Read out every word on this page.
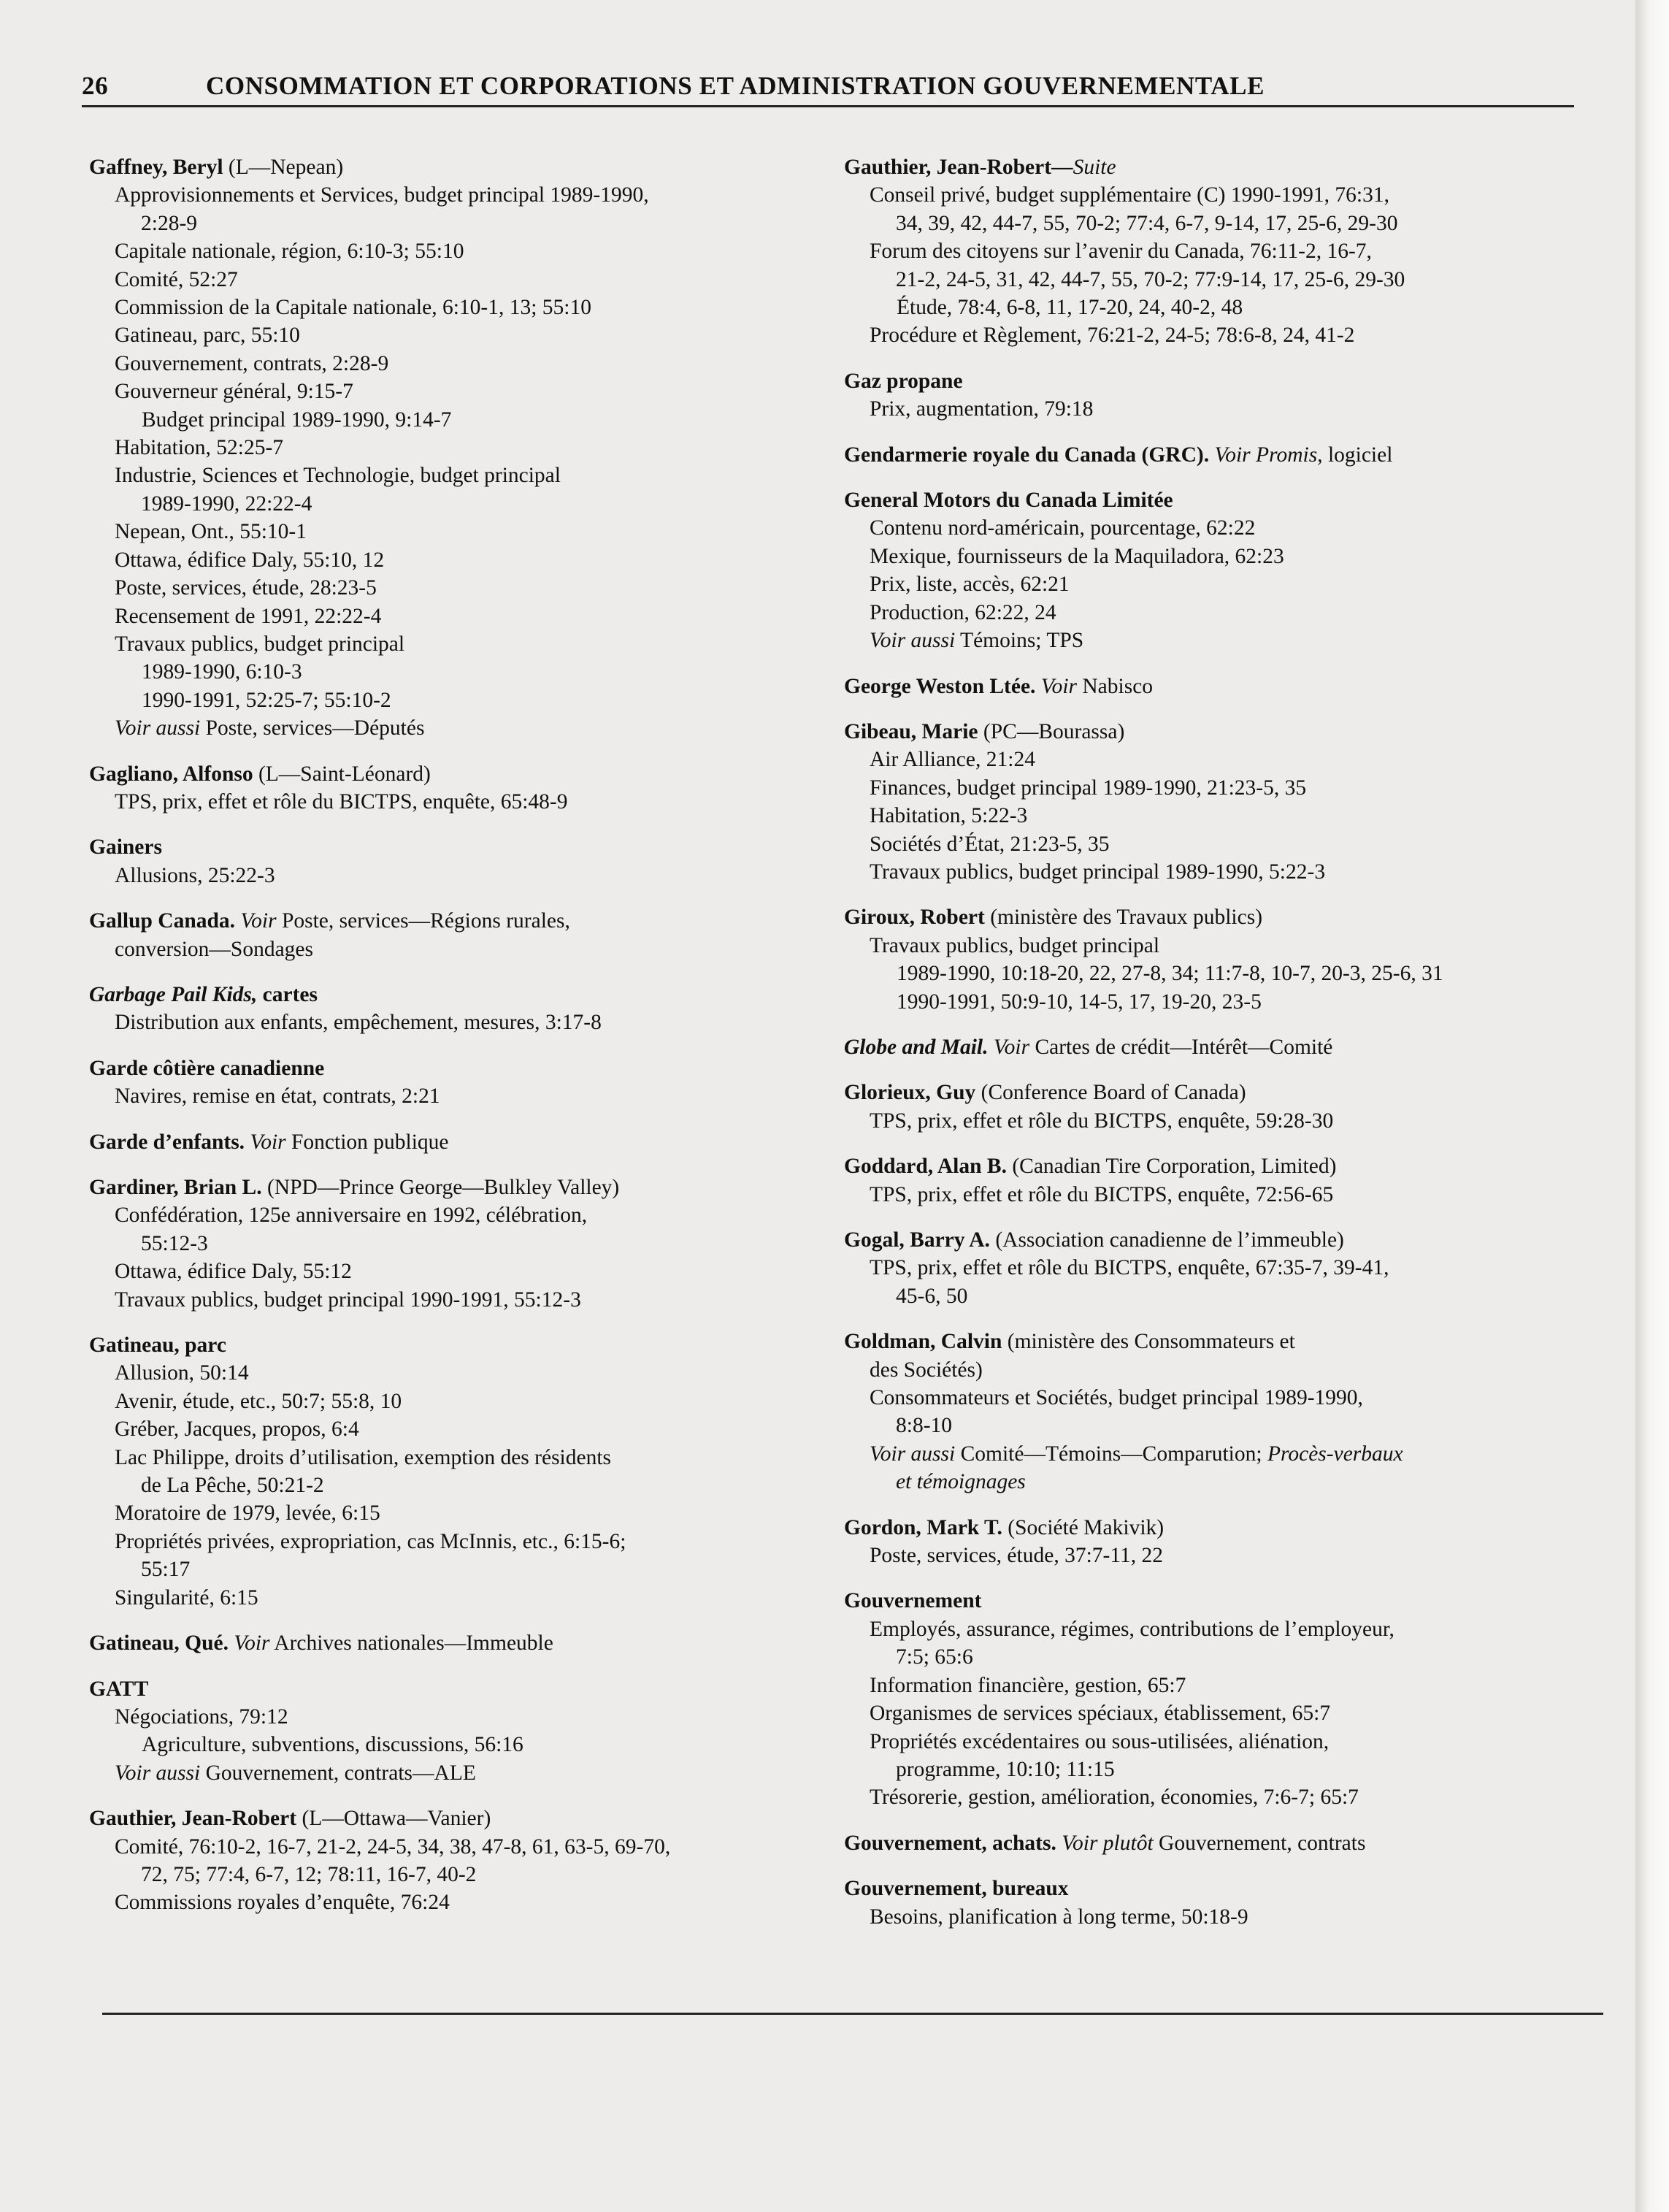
26	CONSOMMATION ET CORPORATIONS ET ADMINISTRATION GOUVERNEMENTALE
Gaffney, Beryl (L—Nepean)
Approvisionnements et Services, budget principal 1989-1990,
2:28-9
Capitale nationale, région, 6:10-3; 55:10
Comité, 52:27
Commission de la Capitale nationale, 6:10-1, 13; 55:10
Gatineau, parc, 55:10
Gouvernement, contrats, 2:28-9
Gouverneur général, 9:15-7
Budget principal 1989-1990, 9:14-7
Habitation, 52:25-7
Industrie, Sciences et Technologie, budget principal
1989-1990, 22:22-4
Nepean, Ont., 55:10-1
Ottawa, édifice Daly, 55:10, 12
Poste, services, étude, 28:23-5
Recensement de 1991, 22:22-4
Travaux publics, budget principal
1989-1990, 6:10-3
1990-1991, 52:25-7; 55:10-2
Voir aussi Poste, services—Députés
Gagliano, Alfonso (L—Saint-Léonard)
TPS, prix, effet et rôle du BICTPS, enquête, 65:48-9
Gainers
Allusions, 25:22-3
Gallup Canada. Voir Poste, services—Régions rurales,
conversion—Sondages
Garbage Pail Kids, cartes
Distribution aux enfants, empêchement, mesures, 3:17-8
Garde côtière canadienne
Navires, remise en état, contrats, 2:21
Garde d’enfants. Voir Fonction publique
Gardiner, Brian L. (NPD—Prince George—Bulkley Valley)
Confédération, 125e anniversaire en 1992, célébration,
55:12-3
Ottawa, édifice Daly, 55:12
Travaux publics, budget principal 1990-1991, 55:12-3
Gatineau, parc
Allusion, 50:14
Avenir, étude, etc., 50:7; 55:8, 10
Gréber, Jacques, propos, 6:4
Lac Philippe, droits d’utilisation, exemption des résidents
de La Pêche, 50:21-2
Moratoire de 1979, levée, 6:15
Propriétés privées, expropriation, cas McInnis, etc., 6:15-6;
55:17
Singularité, 6:15
Gatineau, Qué. Voir Archives nationales—Immeuble
GATT
Négociations, 79:12
Agriculture, subventions, discussions, 56:16
Voir aussi Gouvernement, contrats—ALE
Gauthier, Jean-Robert (L—Ottawa—Vanier)
Comité, 76:10-2, 16-7, 21-2, 24-5, 34, 38, 47-8, 61, 63-5, 69-70,
72, 75; 77:4, 6-7, 12; 78:11, 16-7, 40-2
Commissions royales d’enquête, 76:24
Gauthier, Jean-Robert—Suite
Conseil privé, budget supplémentaire (C) 1990-1991, 76:31,
34, 39, 42, 44-7, 55, 70-2; 77:4, 6-7, 9-14, 17, 25-6, 29-30
Forum des citoyens sur l’avenir du Canada, 76:11-2, 16-7,
21-2, 24-5, 31, 42, 44-7, 55, 70-2; 77:9-14, 17, 25-6, 29-30
Étude, 78:4, 6-8, 11, 17-20, 24, 40-2, 48
Procédure et Règlement, 76:21-2, 24-5; 78:6-8, 24, 41-2
Gaz propane
Prix, augmentation, 79:18
Gendarmerie royale du Canada (GRC). Voir Promis, logiciel
General Motors du Canada Limitée
Contenu nord-américain, pourcentage, 62:22
Mexique, fournisseurs de la Maquiladora, 62:23
Prix, liste, accès, 62:21
Production, 62:22, 24
Voir aussi Témoins; TPS
George Weston Ltée. Voir Nabisco
Gibeau, Marie (PC—Bourassa)
Air Alliance, 21:24
Finances, budget principal 1989-1990, 21:23-5, 35
Habitation, 5:22-3
Sociétés d’État, 21:23-5, 35
Travaux publics, budget principal 1989-1990, 5:22-3
Giroux, Robert (ministère des Travaux publics)
Travaux publics, budget principal
1989-1990, 10:18-20, 22, 27-8, 34; 11:7-8, 10-7, 20-3, 25-6, 31
1990-1991, 50:9-10, 14-5, 17, 19-20, 23-5
Globe and Mail. Voir Cartes de crédit—Intérêt—Comité
Glorieux, Guy (Conference Board of Canada)
TPS, prix, effet et rôle du BICTPS, enquête, 59:28-30
Goddard, Alan B. (Canadian Tire Corporation, Limited)
TPS, prix, effet et rôle du BICTPS, enquête, 72:56-65
Gogal, Barry A. (Association canadienne de l’immeuble)
TPS, prix, effet et rôle du BICTPS, enquête, 67:35-7, 39-41,
45-6, 50
Goldman, Calvin (ministère des Consommateurs et
des Sociétés)
Consommateurs et Sociétés, budget principal 1989-1990,
8:8-10
Voir aussi Comité—Témoins—Comparution; Procès-verbaux
et témoignages
Gordon, Mark T. (Société Makivik)
Poste, services, étude, 37:7-11, 22
Gouvernement
Employés, assurance, régimes, contributions de l’employeur,
7:5; 65:6
Information financière, gestion, 65:7
Organismes de services spéciaux, établissement, 65:7
Propriétés excédentaires ou sous-utilisées, aliénation,
programme, 10:10; 11:15
Trésorerie, gestion, amélioration, économies, 7:6-7; 65:7
Gouvernement, achats. Voir plutôt Gouvernement, contrats
Gouvernement, bureaux
Besoins, planification à long terme, 50:18-9
